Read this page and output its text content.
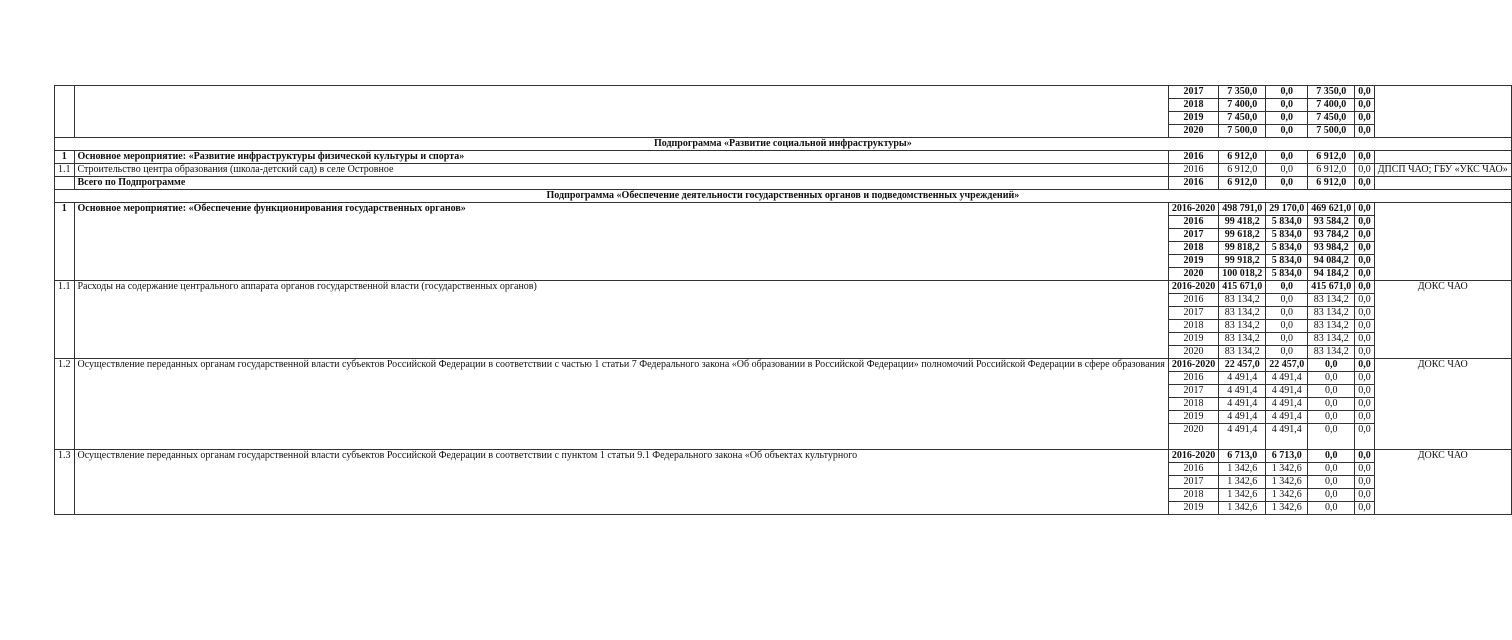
		2017	7 350,0	0,0	7 350,0	0,0	
		2018	7 400,0	0,0	7 400,0	0,0	
		2019	7 450,0	0,0	7 450,0	0,0	
		2020	7 500,0	0,0	7 500,0	0,0	
Подпрограмма «Развитие социальной инфраструктуры»							
1	Основное мероприятие: «Развитие инфраструктуры физической культуры и спорта»	2016	6 912,0	0,0	6 912,0	0,0	
1.1	Строительство центра образования (школа-детский сад) в селе Островное	2016	6 912,0	0,0	6 912,0	0,0	ДПСП ЧАО; ГБУ «УКС ЧАО»
	Всего по Подпрограмме	2016	6 912,0	0,0	6 912,0	0,0	
Подпрограмма «Обеспечение деятельности государственных органов и подведомственных учреждений»							
1	Основное мероприятие: «Обеспечение функционирования государственных органов»	2016-2020	498 791,0	29 170,0	469 621,0	0,0	
		2016	99 418,2	5 834,0	93 584,2	0,0	
		2017	99 618,2	5 834,0	93 784,2	0,0	
		2018	99 818,2	5 834,0	93 984,2	0,0	
		2019	99 918,2	5 834,0	94 084,2	0,0	
		2020	100 018,2	5 834,0	94 184,2	0,0	
1.1	Расходы на содержание центрального аппарата органов государственной власти (государственных органов)	2016-2020	415 671,0	0,0	415 671,0	0,0	ДОКС ЧАО
		2016	83 134,2	0,0	83 134,2	0,0	
		2017	83 134,2	0,0	83 134,2	0,0	
		2018	83 134,2	0,0	83 134,2	0,0	
		2019	83 134,2	0,0	83 134,2	0,0	
		2020	83 134,2	0,0	83 134,2	0,0	
1.2	Осуществление переданных органам государственной власти субъектов Российской Федерации в соответствии с частью 1 статьи 7 Федерального закона «Об образовании в Российской Федерации» полномочий Российской Федерации в сфере образования	2016-2020	22 457,0	22 457,0	0,0	0,0	ДОКС ЧАО
		2016	4 491,4	4 491,4	0,0	0,0	
		2017	4 491,4	4 491,4	0,0	0,0	
		2018	4 491,4	4 491,4	0,0	0,0	
		2019	4 491,4	4 491,4	0,0	0,0	
		2020	4 491,4	4 491,4	0,0	0,0	
1.3	Осуществление переданных органам государственной власти субъектов Российской Федерации в соответствии с пунктом 1 статьи 9.1 Федерального закона «Об объектах культурного	2016-2020	6 713,0	6 713,0	0,0	0,0	ДОКС ЧАО
		2016	1 342,6	1 342,6	0,0	0,0	
		2017	1 342,6	1 342,6	0,0	0,0	
		2018	1 342,6	1 342,6	0,0	0,0	
		2019	1 342,6	1 342,6	0,0	0,0	
